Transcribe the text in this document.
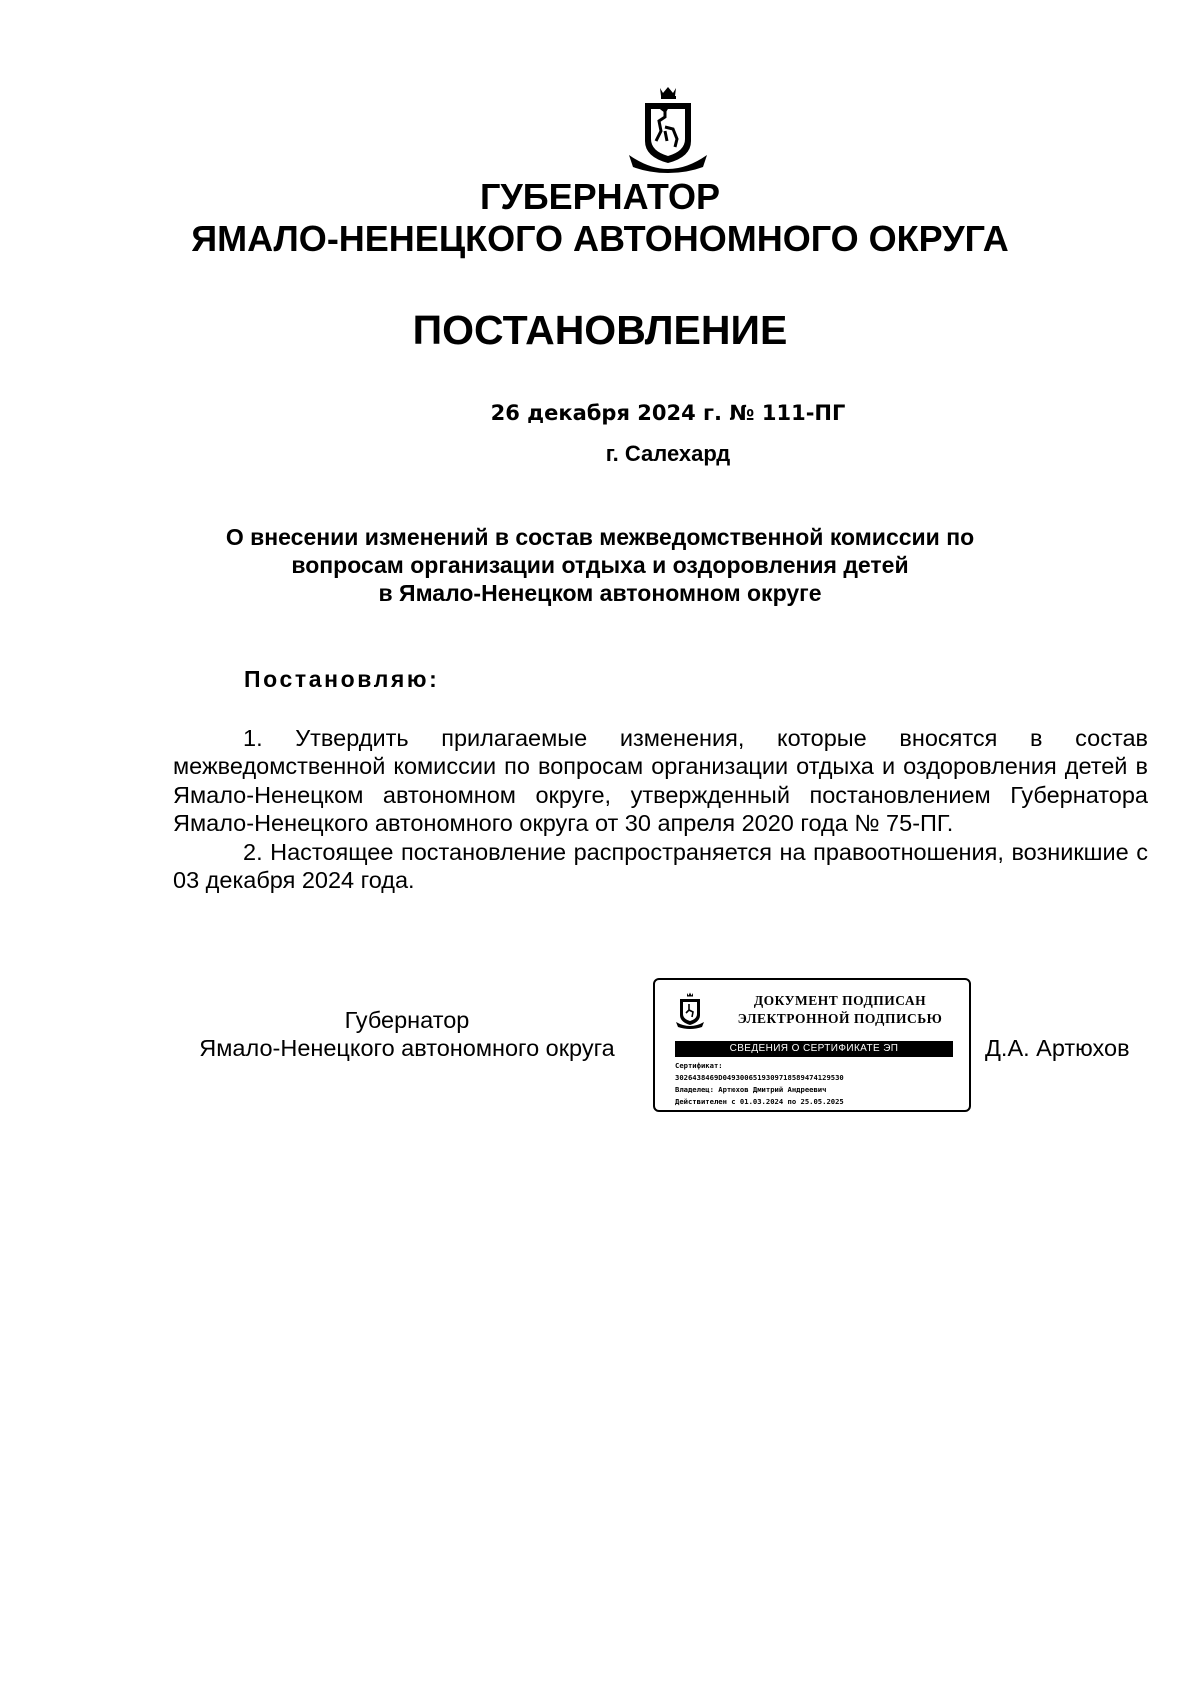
ГУБЕРНАТОР
ЯМАЛО-НЕНЕЦКОГО АВТОНОМНОГО ОКРУГА
ПОСТАНОВЛЕНИЕ
26 декабря 2024 г. № 111-ПГ
г. Салехард
О внесении изменений в состав межведомственной комиссии по
вопросам организации отдыха и оздоровления детей
в Ямало-Ненецком автономном округе
Постановляю:

1. Утвердить прилагаемые изменения, которые вносятся в состав межведомственной комиссии по вопросам организации отдыха и оздоровления детей в Ямало-Ненецком автономном округе, утвержденный постановлением Губернатора Ямало-Ненецкого автономного округа от 30 апреля 2020 года № 75-ПГ.

2. Настоящее постановление распространяется на правоотношения, возникшие с 03 декабря 2024 года.

Губернатор
Ямало-Ненецкого автономного округа
ДОКУМЕНТ ПОДПИСАН
ЭЛЕКТРОННОЙ ПОДПИСЬЮ
СВЕДЕНИЯ О СЕРТИФИКАТЕ ЭП
Сертификат:
3026438469D0493006519309718589474129530
Владелец: Артюхов Дмитрий Андреевич
Действителен с 01.03.2024 по 25.05.2025
Д.А. Артюхов
